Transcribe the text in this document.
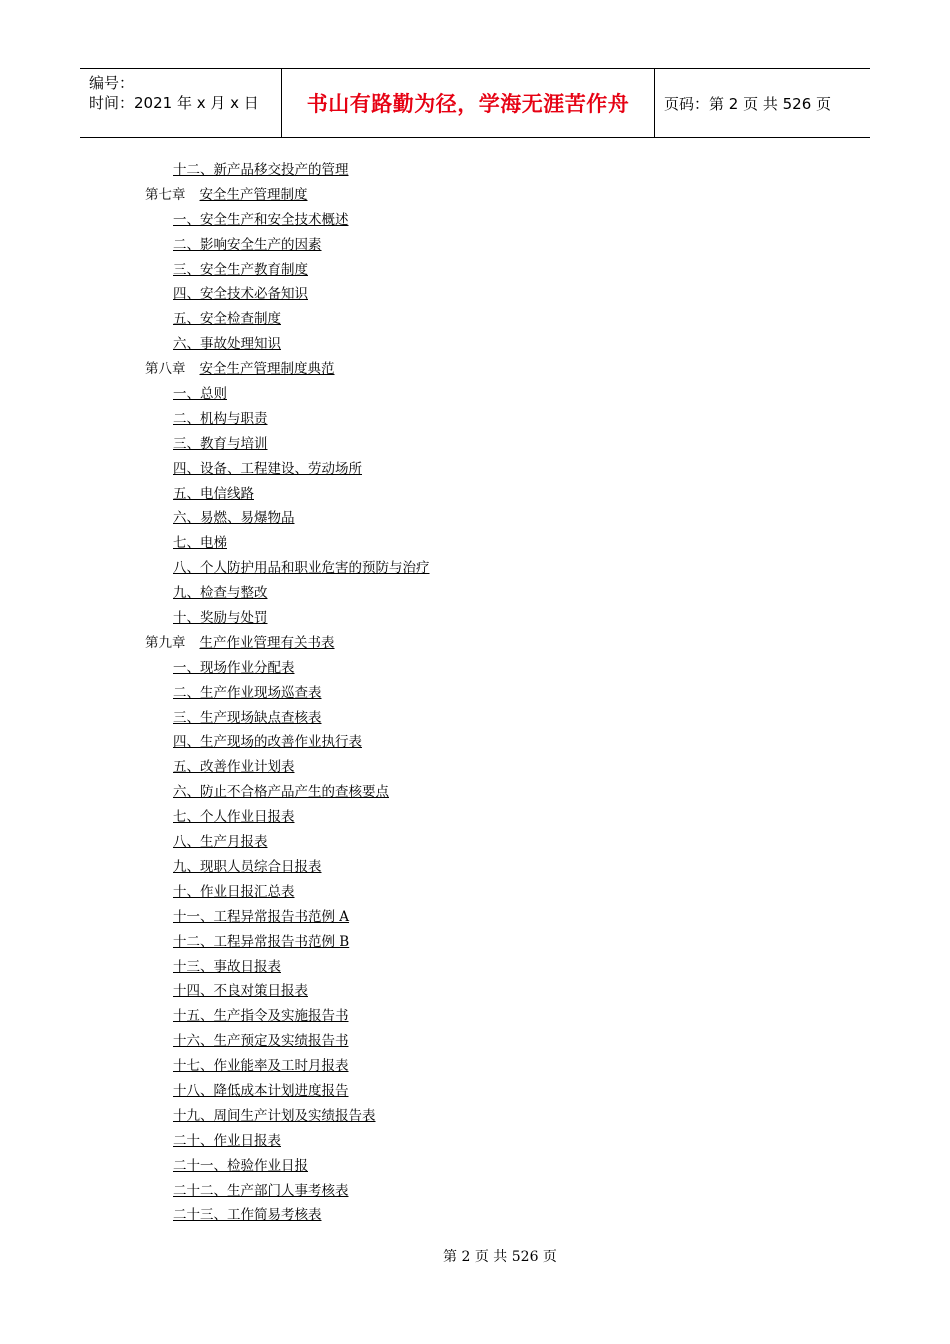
编号：
时间：2021 年 x 月 x 日	书山有路勤为径，学海无涯苦作舟 页码：第 2 页 共 526 页
十二、新产品移交投产的管理
第七章 安全生产管理制度
一、安全生产和安全技术概述
二、影响安全生产的因素
三、安全生产教育制度
四、安全技术必备知识
五、安全检查制度
六、事故处理知识
第八章 安全生产管理制度典范
一、总则
二、机构与职责
三、教育与培训
四、设备、工程建设、劳动场所
五、电信线路
六、易燃、易爆物品
七、电梯
八、个人防护用品和职业危害的预防与治疗
九、检查与整改
十、奖励与处罚
第九章 生产作业管理有关书表
一、现场作业分配表
二、生产作业现场巡查表
三、生产现场缺点查核表
四、生产现场的改善作业执行表
五、改善作业计划表
六、防止不合格产品产生的查核要点
七、个人作业日报表
八、生产月报表
九、现职人员综合日报表
十、作业日报汇总表
十一、工程异常报告书范例 A
十二、工程异常报告书范例 B
十三、事故日报表
十四、不良对策日报表
十五、生产指令及实施报告书
十六、生产预定及实绩报告书
十七、作业能率及工时月报表
十八、降低成本计划进度报告
十九、周间生产计划及实绩报告表
二十、作业日报表
二十一、检验作业日报
二十二、生产部门人事考核表
二十三、工作简易考核表
第 2 页 共 526 页
